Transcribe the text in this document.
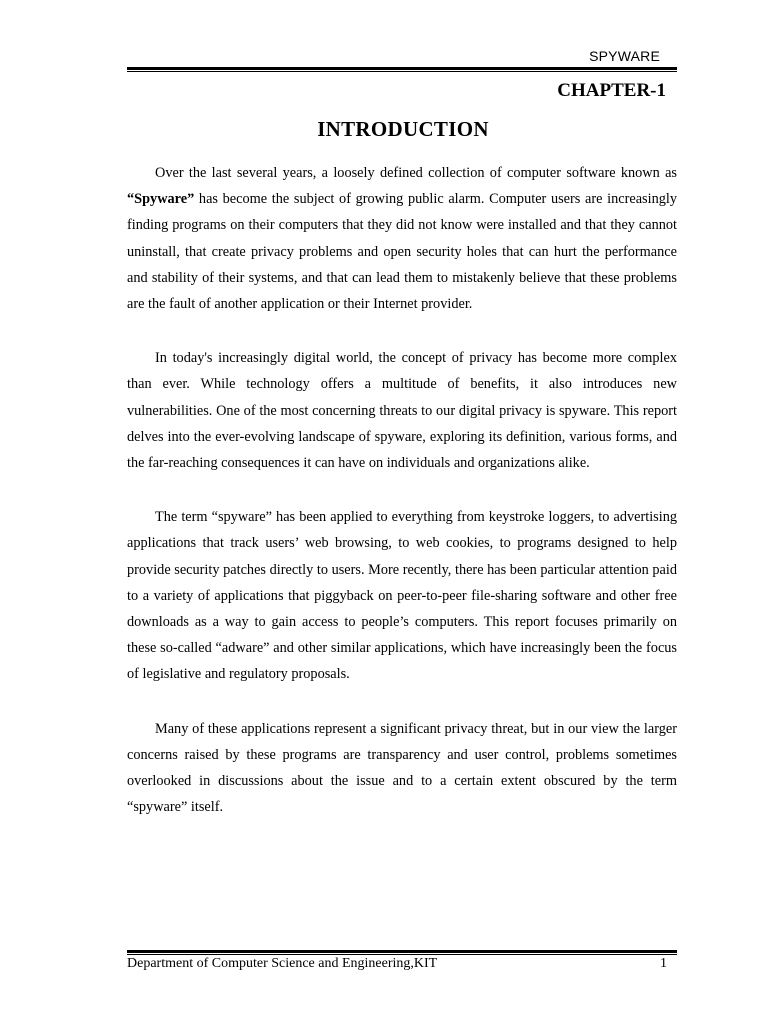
SPYWARE
CHAPTER-1
INTRODUCTION

Over the last several years, a loosely defined collection of computer software known as “Spyware” has become the subject of growing public alarm. Computer users are increasingly finding programs on their computers that they did not know were installed and that they cannot uninstall, that create privacy problems and open security holes that can hurt the performance and stability of their systems, and that can lead them to mistakenly believe that these problems are the fault of another application or their Internet provider.

In today's increasingly digital world, the concept of privacy has become more complex than ever. While technology offers a multitude of benefits, it also introduces new vulnerabilities. One of the most concerning threats to our digital privacy is spyware. This report delves into the ever-evolving landscape of spyware, exploring its definition, various forms, and the far-reaching consequences it can have on individuals and organizations alike.

The term “spyware” has been applied to everything from keystroke loggers, to advertising applications that track users’ web browsing, to web cookies, to programs designed to help provide security patches directly to users. More recently, there has been particular attention paid to a variety of applications that piggyback on peer-to-peer file-sharing software and other free downloads as a way to gain access to people’s computers. This report focuses primarily on these so-called “adware” and other similar applications, which have increasingly been the focus of legislative and regulatory proposals.

Many of these applications represent a significant privacy threat, but in our view the larger concerns raised by these programs are transparency and user control, problems sometimes overlooked in discussions about the issue and to a certain extent obscured by the term “spyware” itself.

Department of Computer Science and Engineering,KIT	1
